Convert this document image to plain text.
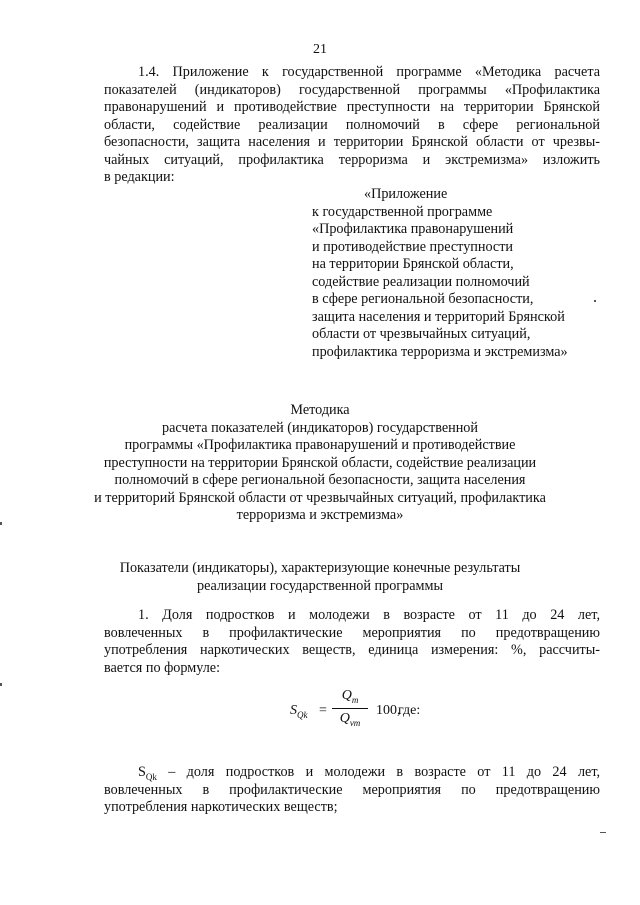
21
1.4. Приложение к государственной программе «Методика расчета
показателей (индикаторов) государственной программы «Профилактика
правонарушений и противодействие преступности на территории Брянской
области, содействие реализации полномочий в сфере региональной
безопасности, защита населения и территории Брянской области от чрезвы-
чайных ситуаций, профилактика терроризма и экстремизма» изложить
в редакции:
«Приложение
к государственной программе
«Профилактика правонарушений
и противодействие преступности
на территории Брянской области,
содействие реализации полномочий
в сфере региональной безопасности,
защита населения и территорий Брянской
области от чрезвычайных ситуаций,
профилактика терроризма и экстремизма»
Методика
расчета показателей (индикаторов) государственной
программы «Профилактика правонарушений и противодействие
преступности на территории Брянской области, содействие реализации
полномочий в сфере региональной безопасности, защита населения
и территорий Брянской области от чрезвычайных ситуаций, профилактика
терроризма и экстремизма»
Показатели (индикаторы), характеризующие конечные результаты
реализации государственной программы
1. Доля подростков и молодежи в возрасте от 11 до 24 лет,
вовлеченных в профилактические мероприятия по предотвращению
употребления наркотических веществ, единица измерения: %, рассчиты-
вается по формуле:
$S_{Qk}$ =
$Q_m$
$Q_{vm}$
100,
где:
$S_{Qk}$ – доля подростков и молодежи в возрасте от 11 до 24 лет,
вовлеченных в профилактические мероприятия по предотвращению
употребления наркотических веществ;
